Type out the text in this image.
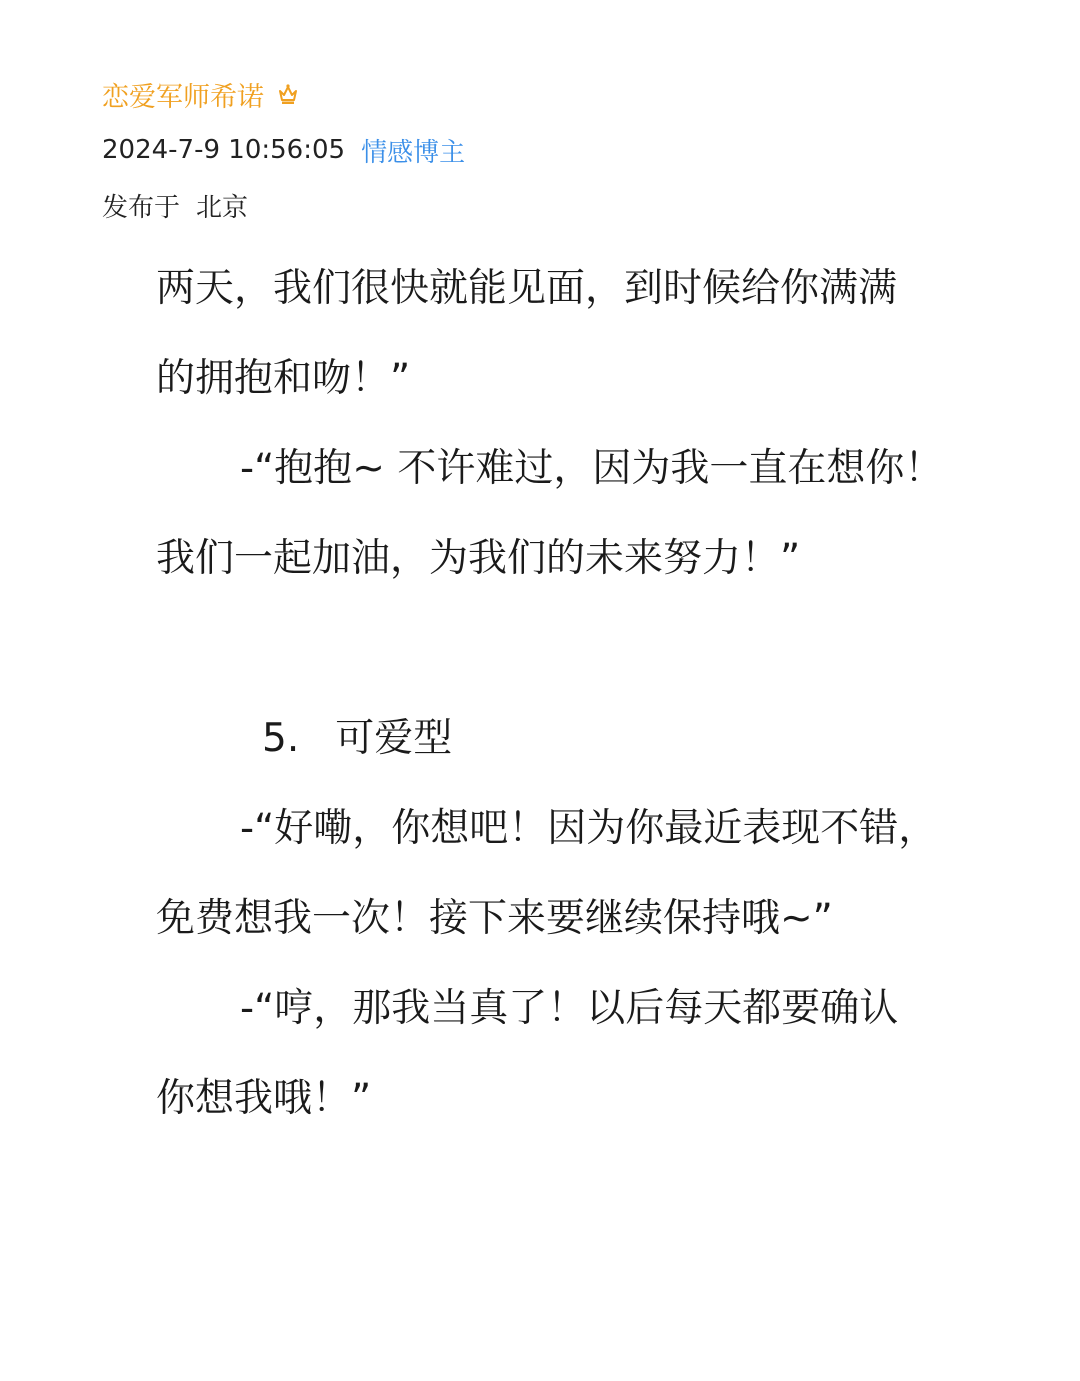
恋爱军师希诺
2024-7-9 10:56:05 情感博主
发布于 北京
两天，我们很快就能见面，到时候给你满满
的拥抱和吻！”
-“抱抱~ 不许难过，因为我一直在想你！
我们一起加油，为我们的未来努力！”
5. 可爱型
-“好嘞，你想吧！因为你最近表现不错，
免费想我一次！接下来要继续保持哦~”
-“哼，那我当真了！以后每天都要确认
你想我哦！”
